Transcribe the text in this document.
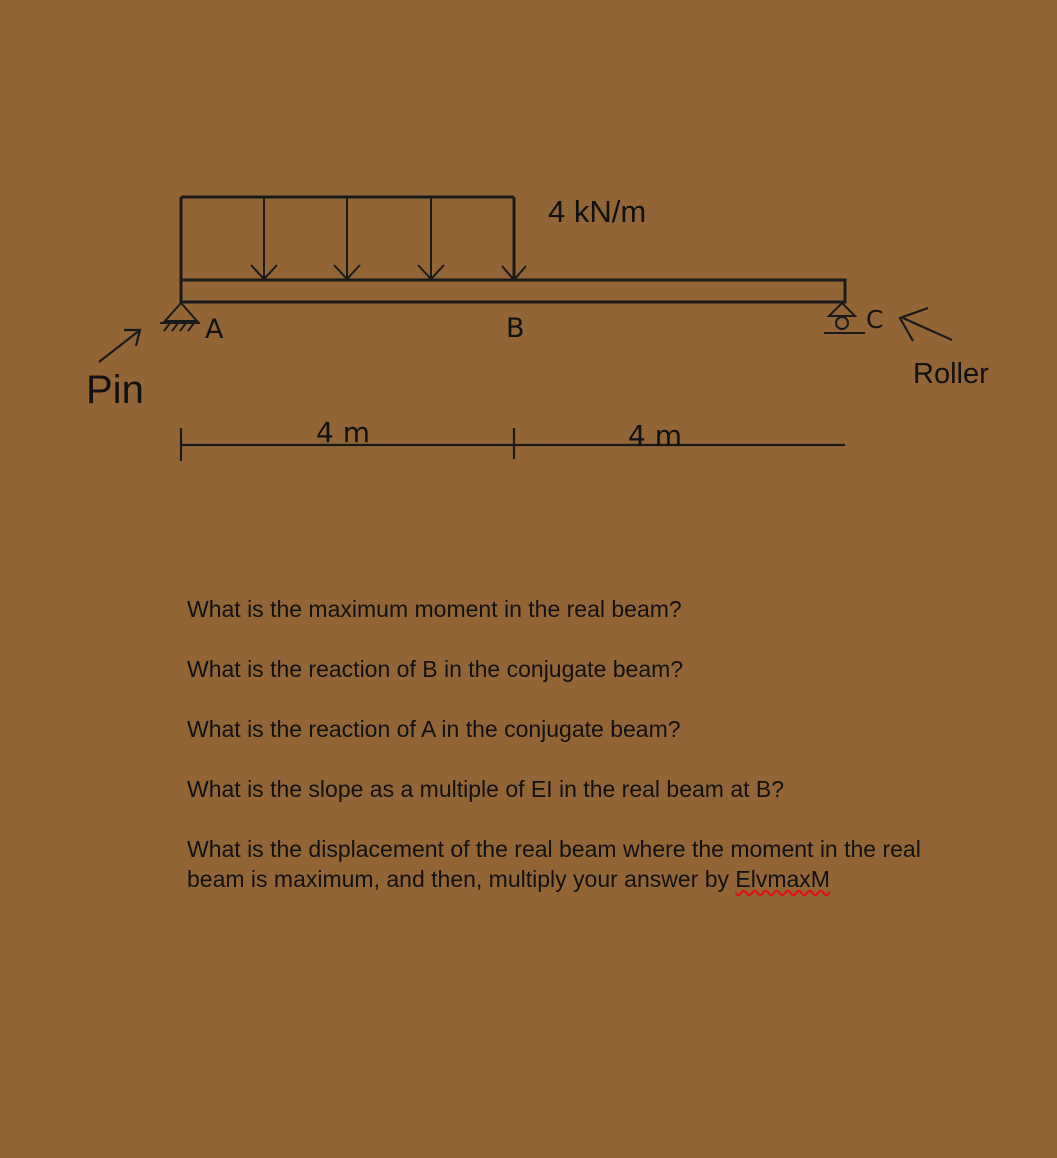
4 kN/m
A	C
B
Pin	Roller
4 m	4 m

What is the maximum moment in the real beam?

What is the reaction of B in the conjugate beam?

What is the reaction of A in the conjugate beam?

What is the slope as a multiple of EI in the real beam at B?

What is the displacement of the real beam where the moment in the real beam is maximum, and then, multiply your answer by ElvmaxM
